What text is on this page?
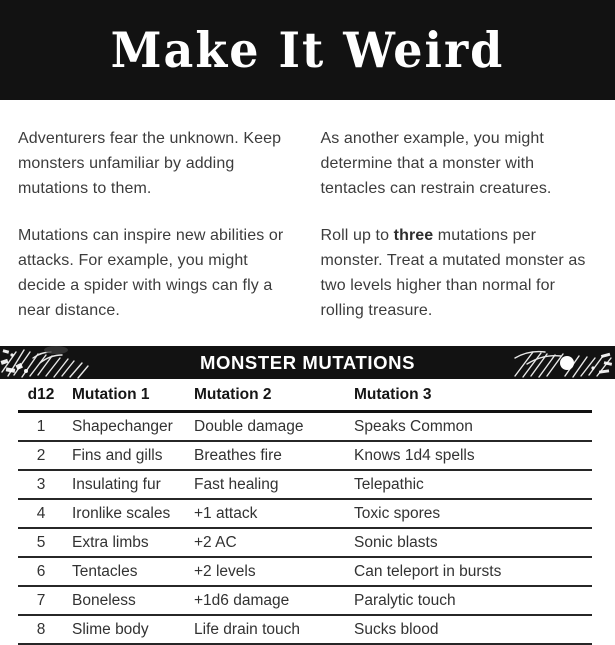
Make It Weird

Adventurers fear the unknown. Keep monsters unfamiliar by adding mutations to them.

Mutations can inspire new abilities or attacks. For example, you might decide a spider with wings can fly a near distance.

As another example, you might determine that a monster with tentacles can restrain creatures.

Roll up to three mutations per monster. Treat a mutated monster as two levels higher than normal for rolling treasure.

MONSTER MUTATIONS
d12	Mutation 1	Mutation 2	Mutation 3
1	Shapechanger	Double damage	Speaks Common
2	Fins and gills	Breathes fire	Knows 1d4 spells
3	Insulating fur	Fast healing	Telepathic
4	Ironlike scales	+1 attack	Toxic spores
5	Extra limbs	+2 AC	Sonic blasts
6	Tentacles	+2 levels	Can teleport in bursts
7	Boneless	+1d6 damage	Paralytic touch
8	Slime body	Life drain touch	Sucks blood
